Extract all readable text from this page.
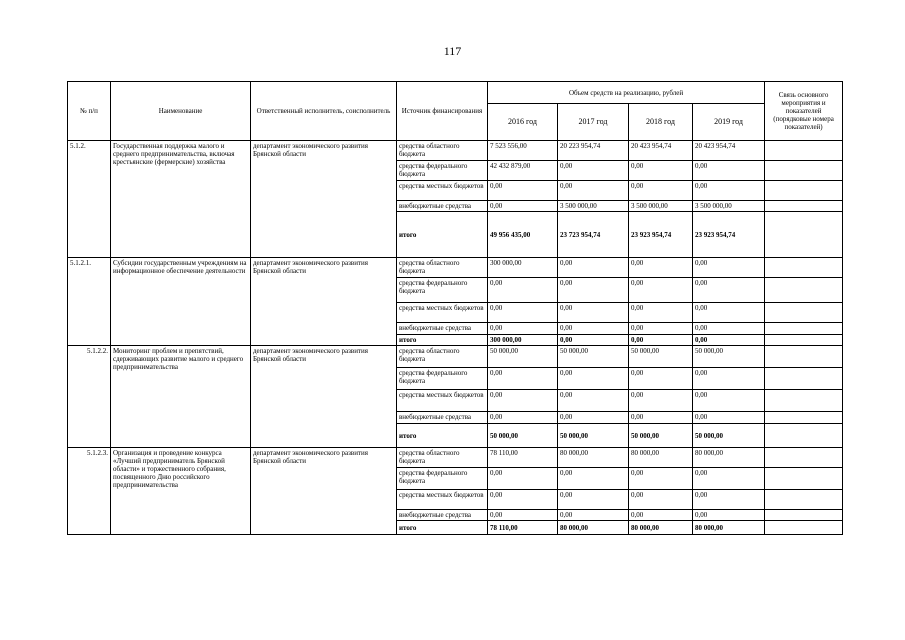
117
№ п/п	Наименование	Ответственный исполнитель, соисполнитель	Источник финансирования	Объем средств на реализацию, рублей				Связь основного мероприятия и показателей (порядковые номера показателей)
				2016 год	2017 год	2018 год	2019 год	
5.1.2.	Государственная поддержка малого и среднего предпринимательства, включая крестьянские (фермерские) хозяйства	департамент экономического развития Брянской области	средства областного бюджета	7 523 556,00	20 223 954,74	20 423 954,74	20 423 954,74	
			средства федерального бюджета	42 432 879,00	0,00	0,00	0,00	
			средства местных бюджетов	0,00	0,00	0,00	0,00	
			внебюджетные средства	0,00	3 500 000,00	3 500 000,00	3 500 000,00	
			итого	49 956 435,00	23 723 954,74	23 923 954,74	23 923 954,74	
5.1.2.1.	Субсидии государственным учреждениям на информационное обеспечение деятельности	департамент экономического развития Брянской области	средства областного бюджета	300 000,00	0,00	0,00	0,00	
			средства федерального бюджета	0,00	0,00	0,00	0,00	
			средства местных бюджетов	0,00	0,00	0,00	0,00	
			внебюджетные средства	0,00	0,00	0,00	0,00	
			итого	300 000,00	0,00	0,00	0,00	
5.1.2.2.	Мониторинг проблем и препятствий, сдерживающих развитие малого и среднего предпринимательства	департамент экономического развития Брянской области	средства областного бюджета	50 000,00	50 000,00	50 000,00	50 000,00	
			средства федерального бюджета	0,00	0,00	0,00	0,00	
			средства местных бюджетов	0,00	0,00	0,00	0,00	
			внебюджетные средства	0,00	0,00	0,00	0,00	
			итого	50 000,00	50 000,00	50 000,00	50 000,00	
5.1.2.3.	Организация и проведение конкурса «Лучший предприниматель Брянской области» и торжественного собрания, посвященного Дню российского предпринимательства	департамент экономического развития Брянской области	средства областного бюджета	78 110,00	80 000,00	80 000,00	80 000,00	
			средства федерального бюджета	0,00	0,00	0,00	0,00	
			средства местных бюджетов	0,00	0,00	0,00	0,00	
			внебюджетные средства	0,00	0,00	0,00	0,00	
			итого	78 110,00	80 000,00	80 000,00	80 000,00	
